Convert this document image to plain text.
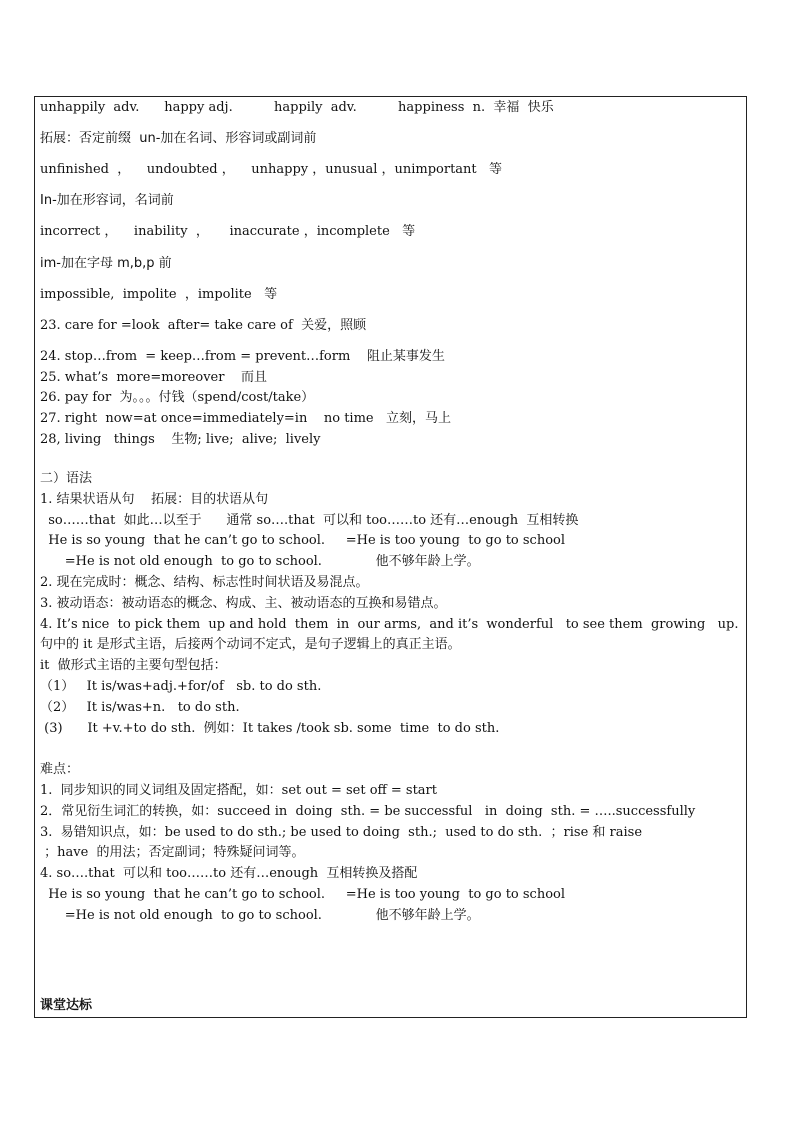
unhappily  adv.      happy adj.          happily  adv.          happiness  n.  幸福  快乐
拓展：否定前缀  un-加在名词、形容词或副词前
unfinished  ，    undoubted ，    unhappy ，unusual ，unimportant   等
In-加在形容词，名词前
incorrect ，    inability  ，     inaccurate ，incomplete   等
im-加在字母 m,b,p 前
impossible,  impolite  ，impolite   等
23. care for =look  after= take care of  关爱，照顾
24. stop…from  = keep…from = prevent…form    阻止某事发生
25. what’s  more=moreover    而且
26. pay for  为。。。付钱（spend/cost/take）
27. right  now=at once=immediately=in    no time   立刻，马上
28, living   things    生物; live;  alive;  lively
二）语法
1. 结果状语从句    拓展：目的状语从句
so……that  如此…以至于      通常 so….that  可以和 too……to 还有…enough  互相转换
He is so young  that he can’t go to school.     =He is too young  to go to school
=He is not old enough  to go to school.             他不够年龄上学。
2. 现在完成时：概念、结构、标志性时间状语及易混点。
3. 被动语态：被动语态的概念、构成、主、被动语态的互换和易错点。
4. It’s nice  to pick them  up and hold  them  in  our arms,  and it’s  wonderful   to see them  growing   up.
句中的 it 是形式主语，后接两个动词不定式，是句子逻辑上的真正主语。
it  做形式主语的主要句型包括：
（1）   It is/was+adj.+for/of   sb. to do sth.
（2）   It is/was+n.   to do sth.
(3)      It +v.+to do sth.  例如：It takes /took sb. some  time  to do sth.
难点：
1.  同步知识的同义词组及固定搭配，如：set out = set off = start
2．常见衍生词汇的转换，如：succeed in  doing  sth. = be successful   in  doing  sth. = …..successfully
3.  易错知识点，如：be used to do sth.; be used to doing  sth.;  used to do sth.  ；rise 和 raise
；have  的用法；否定副词；特殊疑问词等。
4. so….that  可以和 too……to 还有…enough  互相转换及搭配
He is so young  that he can’t go to school.     =He is too young  to go to school
=He is not old enough  to go to school.             他不够年龄上学。
课堂达标
